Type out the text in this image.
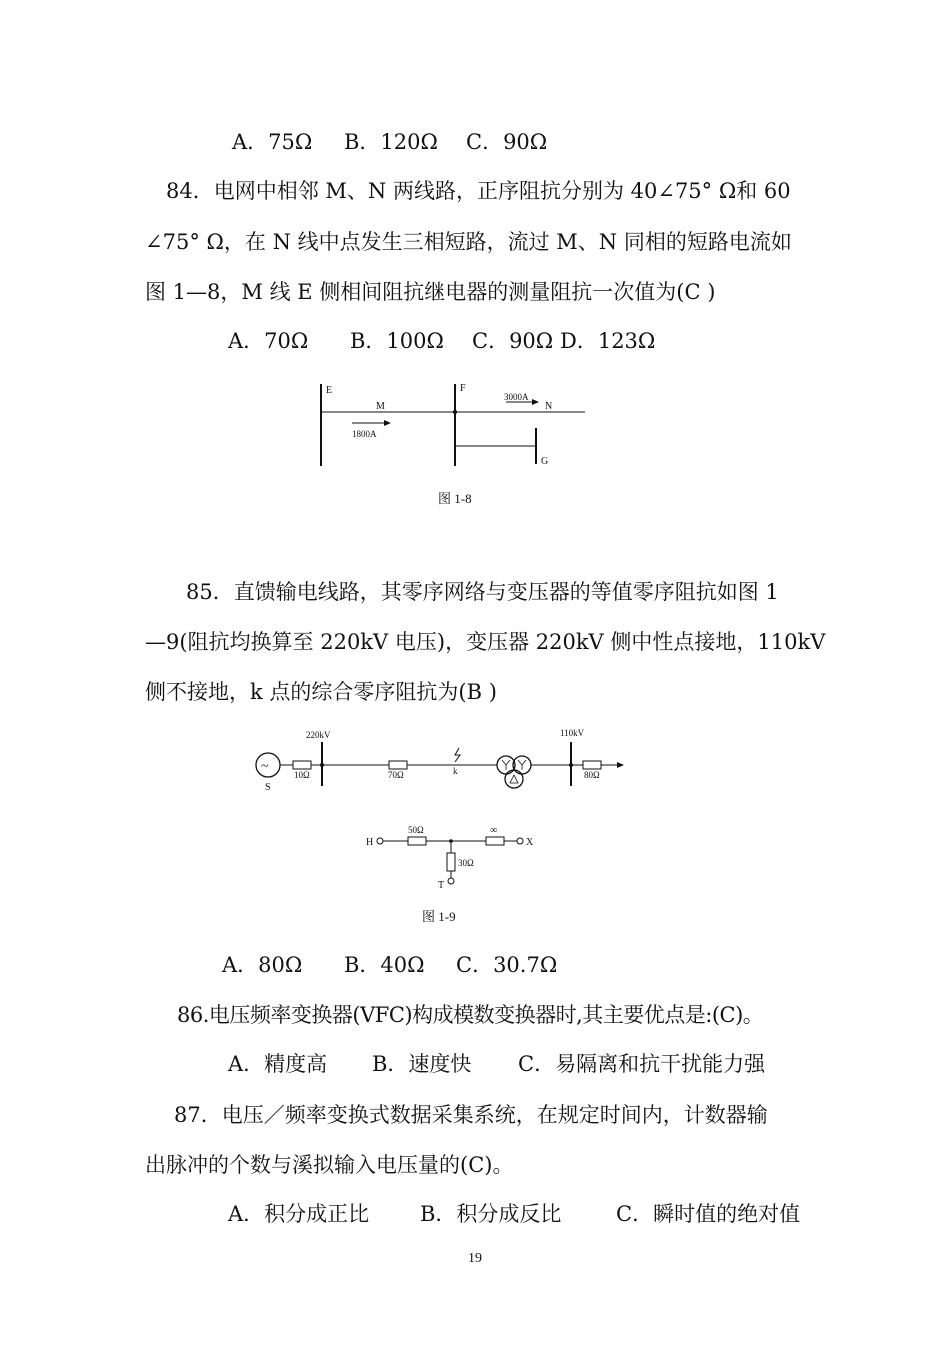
A．75Ω B．120Ω C．90Ω
84．电网中相邻 M、N 两线路，正序阻抗分别为 40∠75° Ω和 60
∠75° Ω，在 N 线中点发生三相短路，流过 M、N 同相的短路电流如
图 1—8，M 线 E 侧相间阻抗继电器的测量阻抗一次值为(C )
A．70Ω B．100Ω C．90Ω D．123Ω
E	F
M	N
G
1800A
3000A
图 1-8
85．直馈输电线路，其零序网络与变压器的等值零序阻抗如图 1
—9(阻抗均换算至 220kV 电压)，变压器 220kV 侧中性点接地，110kV
侧不接地，k 点的综合零序阻抗为(B )
~
S
10Ω
220kV
70Ω	k
110kV
80Ω
H
50Ω	∞
X
30Ω
T
图 1-9
A．80Ω B．40Ω C．30.7Ω
86.电压频率变换器(VFC)构成模数变换器时,其主要优点是:(C)。
A．精度高 B．速度快 C．易隔离和抗干扰能力强
87．电压／频率变换式数据采集系统，在规定时间内，计数器输
出脉冲的个数与溪拟输入电压量的(C)。
A．积分成正比 B．积分成反比	C．瞬时值的绝对值
19
